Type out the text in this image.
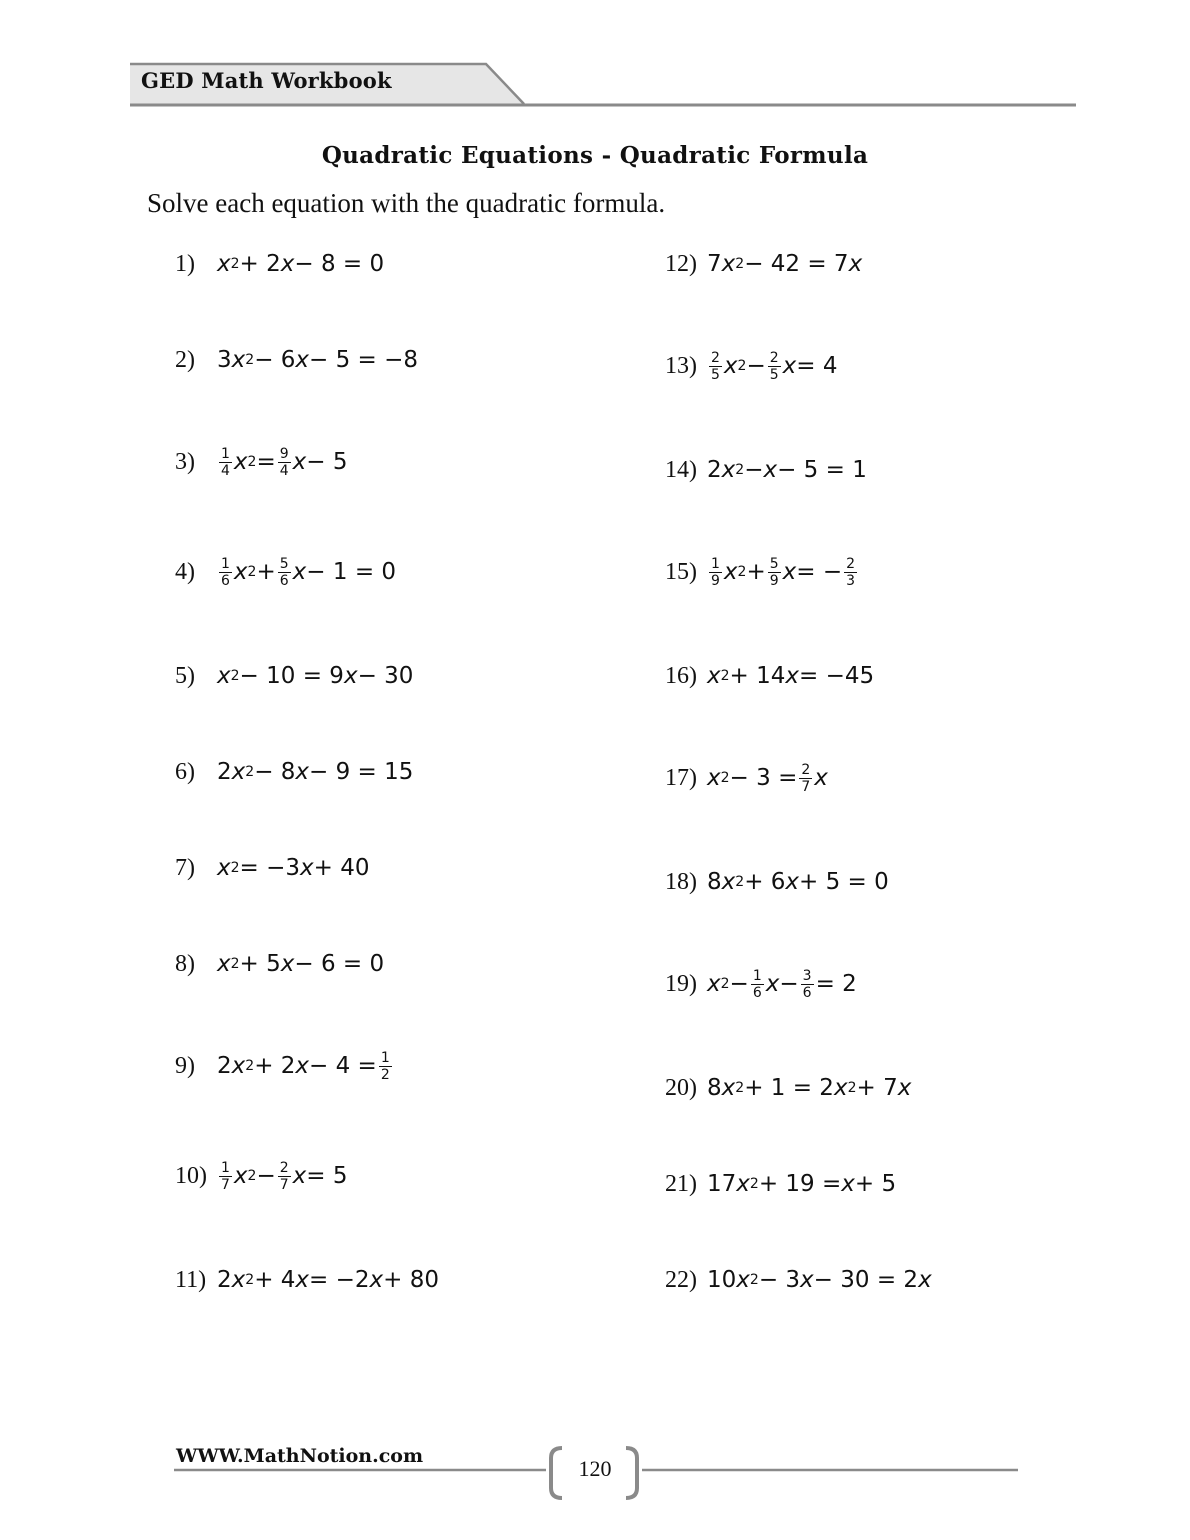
GED Math Workbook
Quadratic Equations - Quadratic Formula
Solve each equation with the quadratic formula.
1) x 2 + 2 x − 8 = 0
2) 3 x 2 − 6 x − 5 = −8
3)	1
4 x $2 = \frac{9}{4}$ x − 5
4)	1
6 x $2 + \frac{5}{6}$ x − 1 = 0
5) x 2 − 10 = 9 x − 30
6) 2 x 2 − 8 x − 9 = 15
7) x 2 = −3 x + 40
8) x 2 + 5 x − 6 = 0
9) 2 x 2 + 2 $x - 4 = \frac{1}{2}$
10)	1
7 x $2 - \frac{2}{7}$ x = 5
11) 2 x 2 + 4 x = −2 x + 80
12) 7 x 2 − 42 = 7 x
13)	2
5 x $2 - \frac{2}{5}$ x = 4
14) 2 x 2 − x − 5 = 1
15)	1
9 x $2 + \frac{5}{9}$ x = − $\frac{2}{3}$
16) x 2 + 14 x = −45
17) x $2 - 3 = \frac{2}{7}$ x
18) 8 x 2 + 6 x + 5 = 0
19) x $2 - \frac{1}{6}$ $x - \frac{3}{6} = 2$
20) 8 x 2 + 1 = 2 x 2 + 7 x
21) 17 x 2 + 19 = x + 5
22) 10 x 2 − 3 x − 30 = 2 x
WWW.MathNotion.com	120
